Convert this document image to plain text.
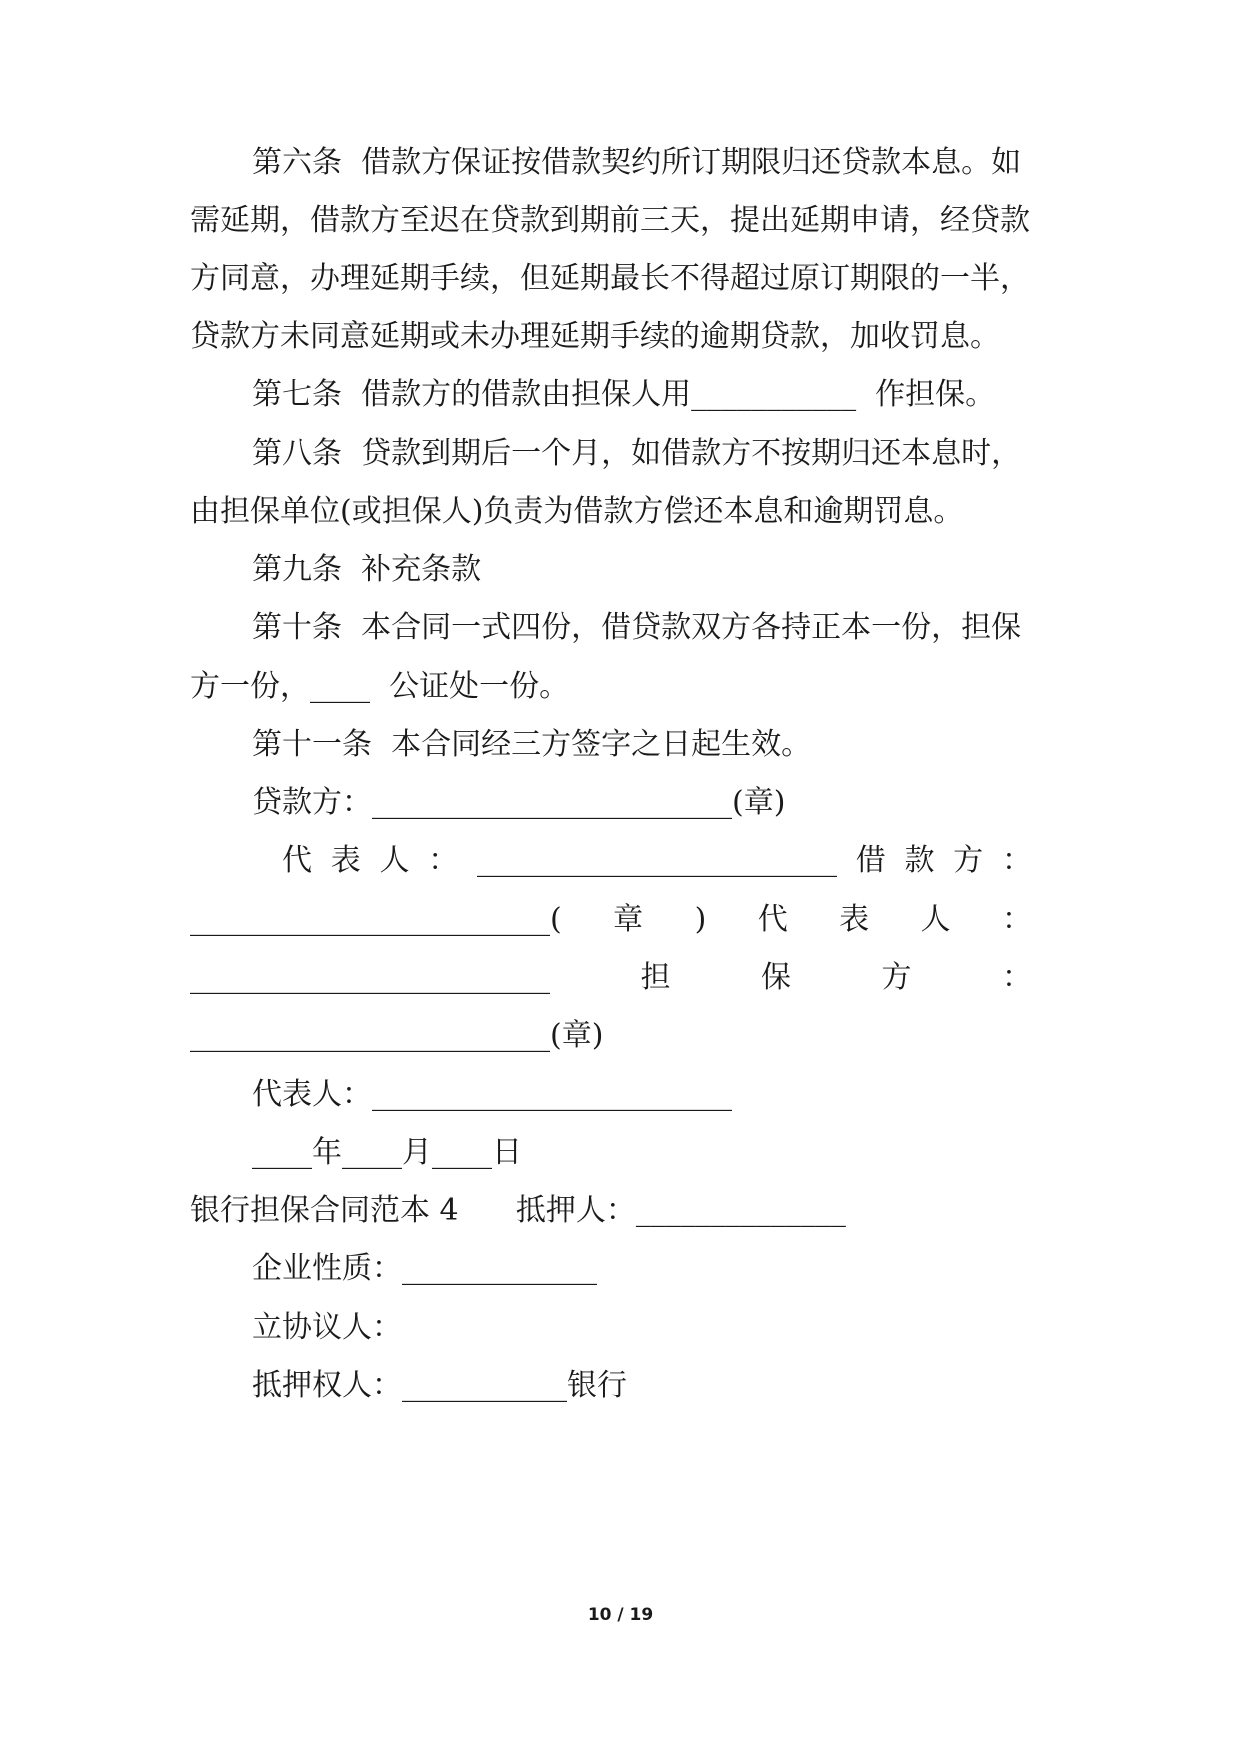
第六条  借款方保证按借款契约所订期限归还贷款本息。如
需延期，借款方至迟在贷款到期前三天，提出延期申请，经贷款
方同意，办理延期手续，但延期最长不得超过原订期限的一半，
贷款方未同意延期或未办理延期手续的逾期贷款，加收罚息。
第七条  借款方的借款由担保人用___________  作担保。
第八条  贷款到期后一个月，如借款方不按期归还本息时，
由担保单位(或担保人)负责为借款方偿还本息和逾期罚息。
第九条  补充条款
第十条  本合同一式四份，借贷款双方各持正本一份，担保
方一份，____  公证处一份。
第十一条  本合同经三方签字之日起生效。
贷款方：________________________(章)
代 表 人 ： ________________________ 借 款 方 ：
________________________( 章 ) 代 表 人 ：
________________________	担	保	方	：
________________________(章)
代表人：________________________
____年____月____日
银行担保合同范本 4      抵押人：______________
企业性质：_____________
立协议人：
抵押权人：___________银行
10 / 19
